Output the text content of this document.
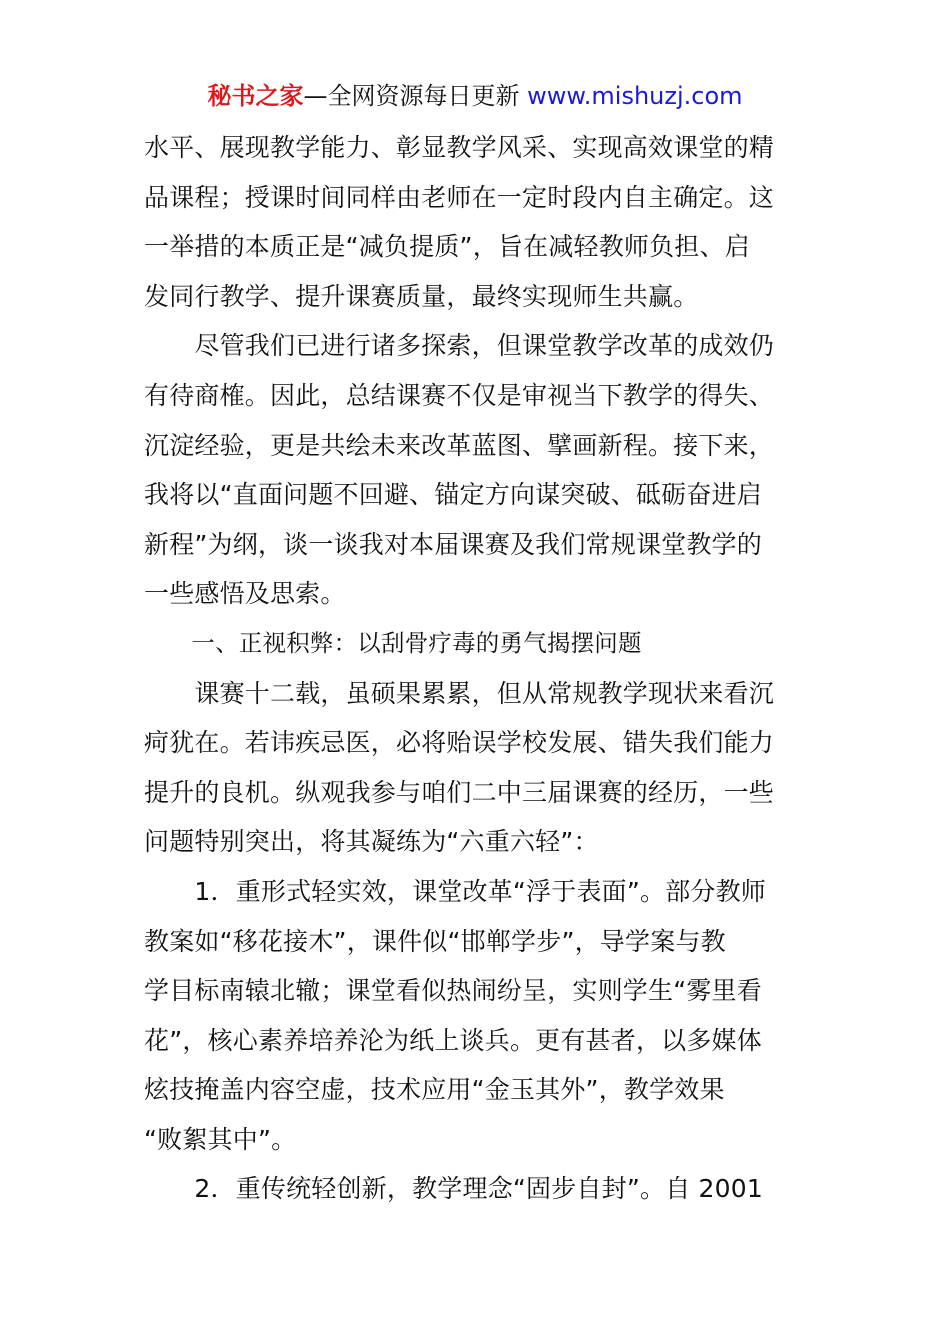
秘书之家—全网资源每日更新 www.mishuzj.com
水平、展现教学能力、彰显教学风采、实现高效课堂的精
品课程；授课时间同样由老师在一定时段内自主确定。这
一举措的本质正是“减负提质”，旨在减轻教师负担、启
发同行教学、提升课赛质量，最终实现师生共赢。
　　尽管我们已进行诸多探索，但课堂教学改革的成效仍
有待商榷。因此，总结课赛不仅是审视当下教学的得失、
沉淀经验，更是共绘未来改革蓝图、擘画新程。接下来，
我将以“直面问题不回避、锚定方向谋突破、砥砺奋进启
新程”为纲，谈一谈我对本届课赛及我们常规课堂教学的
一些感悟及思索。
　　一、正视积弊：以刮骨疗毒的勇气揭摆问题
　　课赛十二载，虽硕果累累，但从常规教学现状来看沉
疴犹在。若讳疾忌医，必将贻误学校发展、错失我们能力
提升的良机。纵观我参与咱们二中三届课赛的经历，一些
问题特别突出，将其凝练为“六重六轻”：
　　1．重形式轻实效，课堂改革“浮于表面”。部分教师
教案如“移花接木”，课件似“邯郸学步”，导学案与教
学目标南辕北辙；课堂看似热闹纷呈，实则学生“雾里看
花”，核心素养培养沦为纸上谈兵。更有甚者，以多媒体
炫技掩盖内容空虚，技术应用“金玉其外”，教学效果
“败絮其中”。
　　2．重传统轻创新，教学理念“固步自封”。自 2001
